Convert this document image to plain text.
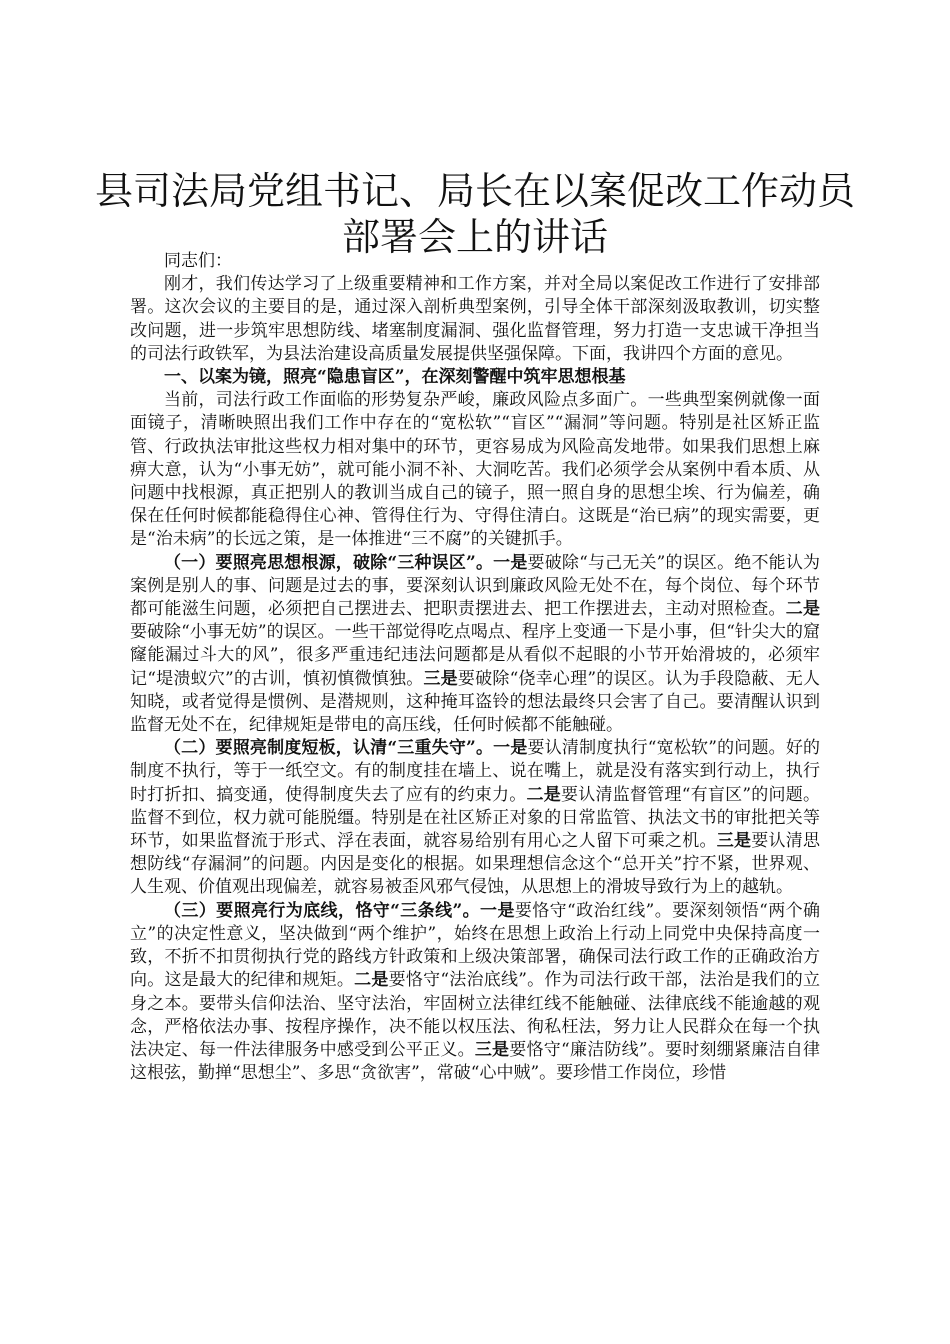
县司法局党组书记、局长在以案促改工作动员部署会上的讲话

同志们：

刚才，我们传达学习了上级重要精神和工作方案，并对全局以案促改工作进行了安排部署。这次会议的主要目的是，通过深入剖析典型案例，引导全体干部深刻汲取教训，切实整改问题，进一步筑牢思想防线、堵塞制度漏洞、强化监督管理，努力打造一支忠诚干净担当的司法行政铁军，为县法治建设高质量发展提供坚强保障。下面，我讲四个方面的意见。

一、以案为镜，照亮“隐患盲区”，在深刻警醒中筑牢思想根基

当前，司法行政工作面临的形势复杂严峻，廉政风险点多面广。一些典型案例就像一面面镜子，清晰映照出我们工作中存在的“宽松软”“盲区”“漏洞”等问题。特别是社区矫正监管、行政执法审批这些权力相对集中的环节，更容易成为风险高发地带。如果我们思想上麻痹大意，认为“小事无妨”，就可能小洞不补、大洞吃苦。我们必须学会从案例中看本质、从问题中找根源，真正把别人的教训当成自己的镜子，照一照自身的思想尘埃、行为偏差，确保在任何时候都能稳得住心神、管得住行为、守得住清白。这既是“治已病”的现实需要，更是“治未病”的长远之策，是一体推进“三不腐”的关键抓手。

（一）要照亮思想根源，破除“三种误区”。一是要破除“与己无关”的误区。绝不能认为案例是别人的事、问题是过去的事，要深刻认识到廉政风险无处不在，每个岗位、每个环节都可能滋生问题，必须把自己摆进去、把职责摆进去、把工作摆进去，主动对照检查。二是要破除“小事无妨”的误区。一些干部觉得吃点喝点、程序上变通一下是小事，但“针尖大的窟窿能漏过斗大的风”，很多严重违纪违法问题都是从看似不起眼的小节开始滑坡的，必须牢记“堤溃蚁穴”的古训，慎初慎微慎独。三是要破除“侥幸心理”的误区。认为手段隐蔽、无人知晓，或者觉得是惯例、是潜规则，这种掩耳盗铃的想法最终只会害了自己。要清醒认识到监督无处不在，纪律规矩是带电的高压线，任何时候都不能触碰。

（二）要照亮制度短板，认清“三重失守”。一是要认清制度执行“宽松软”的问题。好的制度不执行，等于一纸空文。有的制度挂在墙上、说在嘴上，就是没有落实到行动上，执行时打折扣、搞变通，使得制度失去了应有的约束力。二是要认清监督管理“有盲区”的问题。监督不到位，权力就可能脱缰。特别是在社区矫正对象的日常监管、执法文书的审批把关等环节，如果监督流于形式、浮在表面，就容易给别有用心之人留下可乘之机。三是要认清思想防线“存漏洞”的问题。内因是变化的根据。如果理想信念这个“总开关”拧不紧，世界观、人生观、价值观出现偏差，就容易被歪风邪气侵蚀，从思想上的滑坡导致行为上的越轨。

（三）要照亮行为底线，恪守“三条线”。一是要恪守“政治红线”。要深刻领悟“两个确立”的决定性意义，坚决做到“两个维护”，始终在思想上政治上行动上同党中央保持高度一致，不折不扣贯彻执行党的路线方针政策和上级决策部署，确保司法行政工作的正确政治方向。这是最大的纪律和规矩。二是要恪守“法治底线”。作为司法行政干部，法治是我们的立身之本。要带头信仰法治、坚守法治，牢固树立法律红线不能触碰、法律底线不能逾越的观念，严格依法办事、按程序操作，决不能以权压法、徇私枉法，努力让人民群众在每一个执法决定、每一件法律服务中感受到公平正义。三是要恪守“廉洁防线”。要时刻绷紧廉洁自律这根弦，勤掸“思想尘”、多思“贪欲害”，常破“心中贼”。要珍惜工作岗位，珍惜
